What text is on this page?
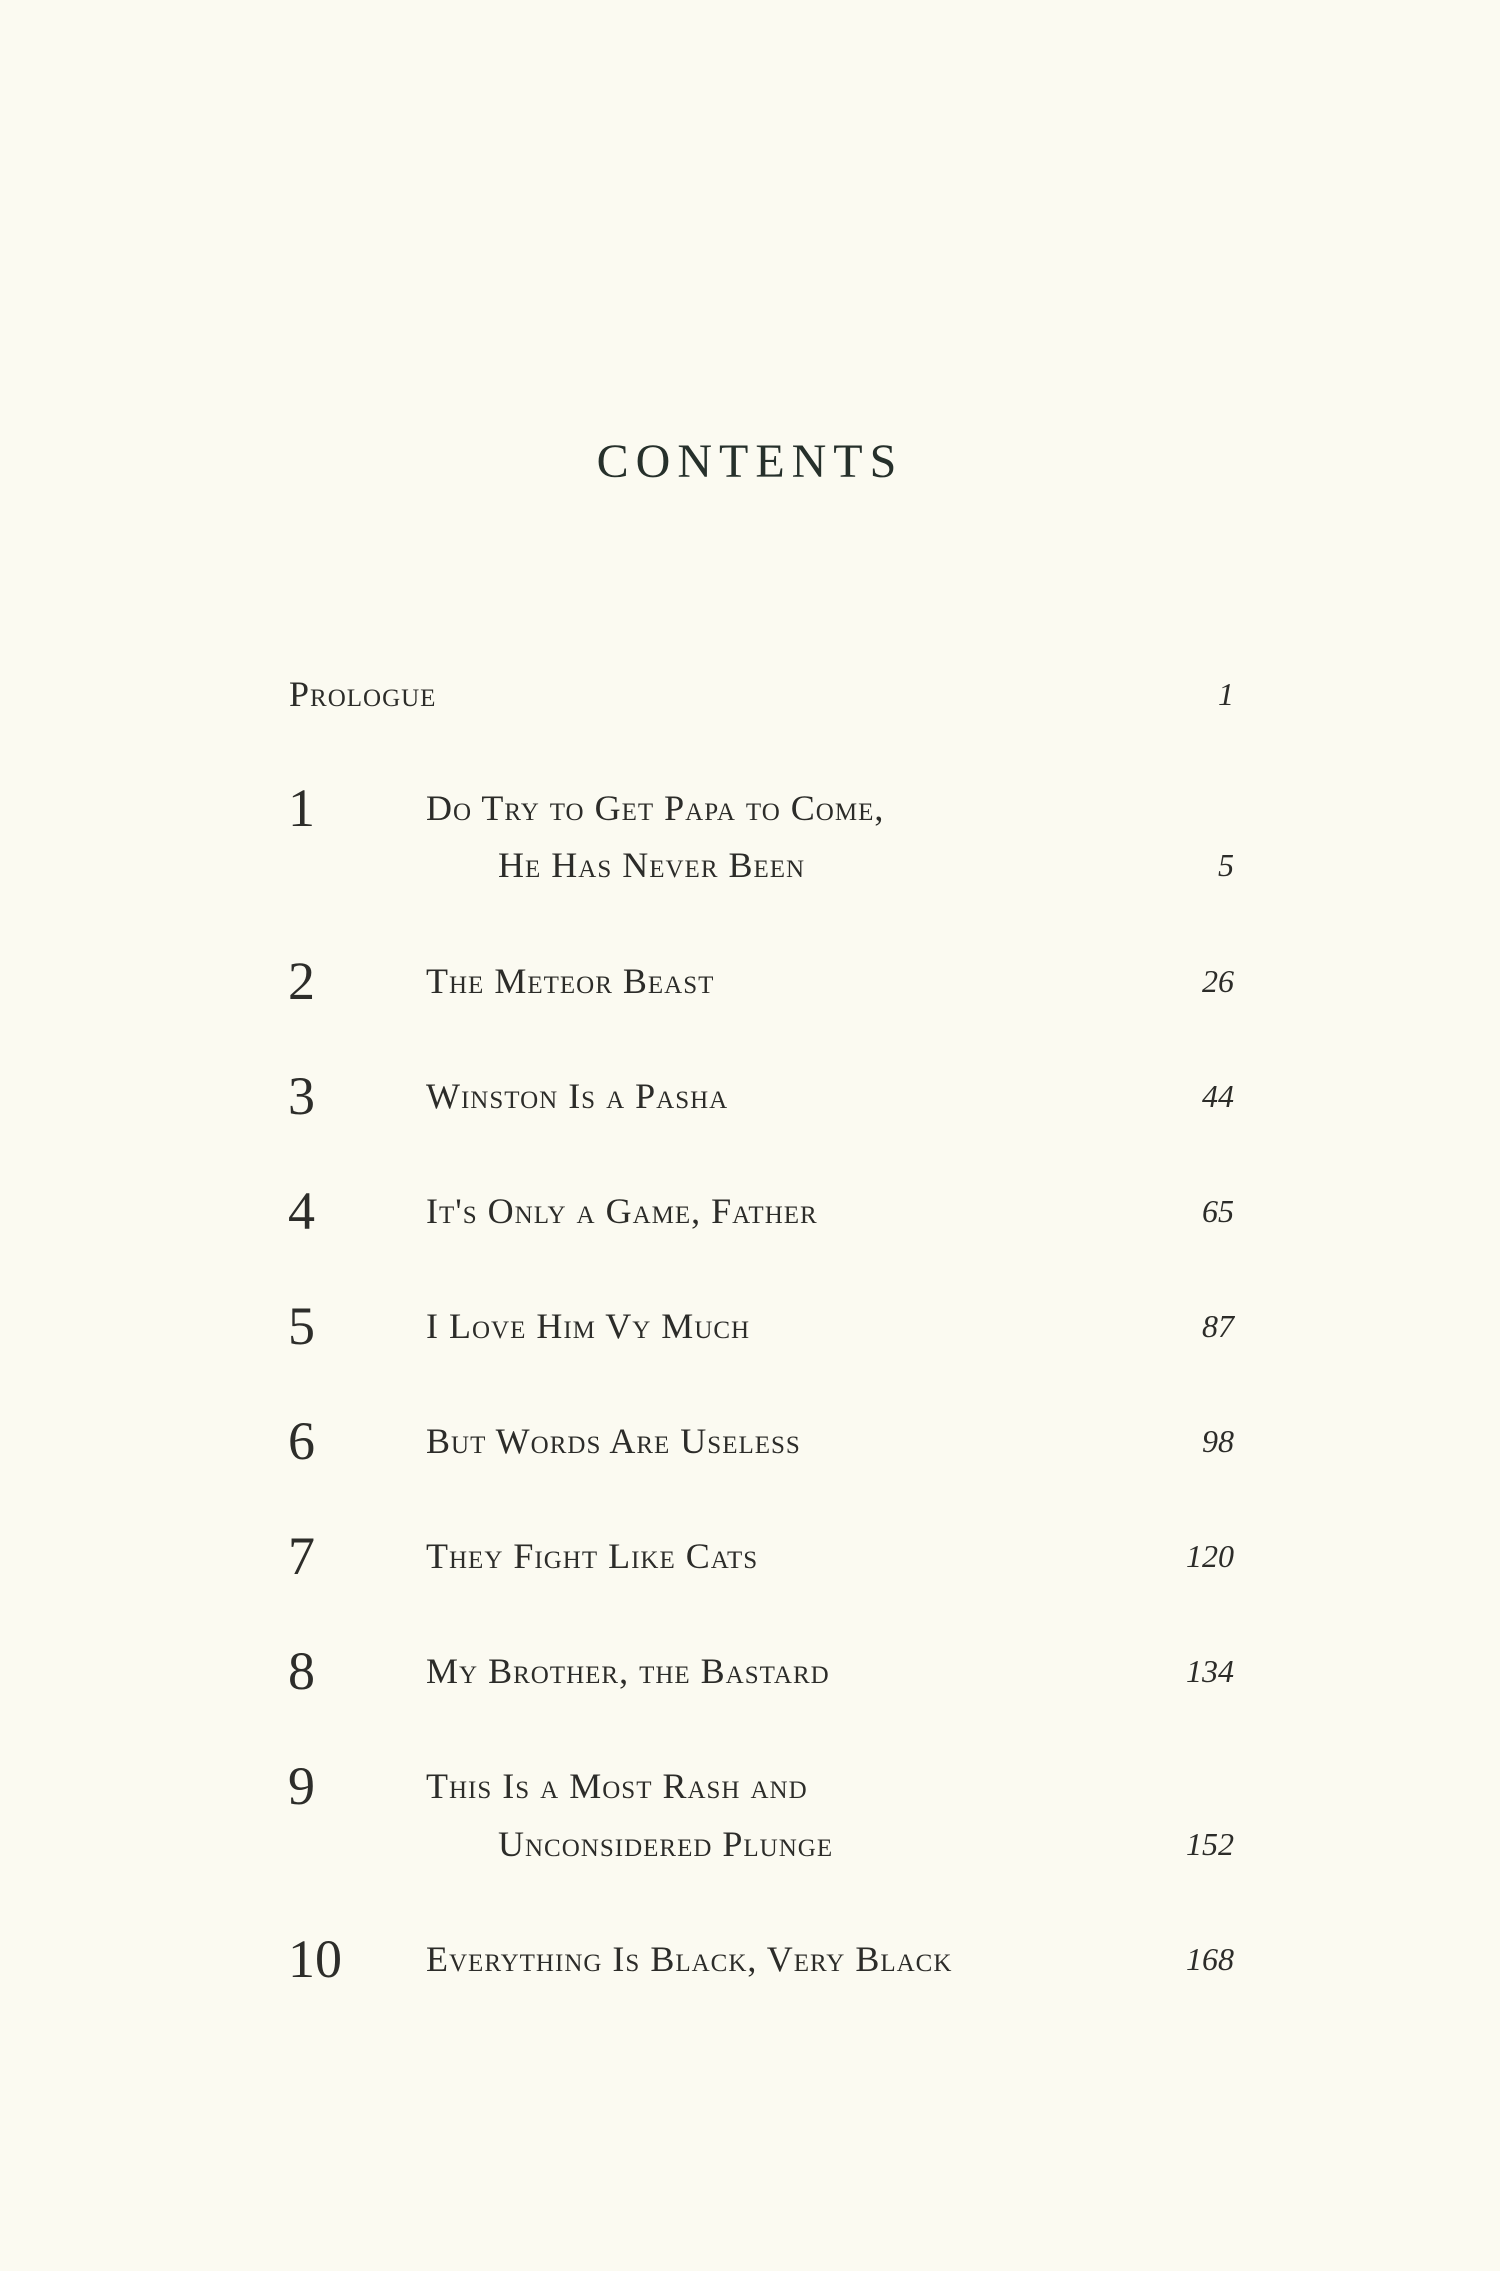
CONTENTS
Prologue	1
1	Do Try to Get Papa to Come,
He Has Never Been	5
2	The Meteor Beast	26
3	Winston Is a Pasha	44
4	It's Only a Game, Father	65
5	I Love Him Vy Much	87
6	But Words Are Useless	98
7	They Fight Like Cats	120
8	My Brother, the Bastard	134
9	This Is a Most Rash and
Unconsidered Plunge	152
10 Everything Is Black, Very Black	168
